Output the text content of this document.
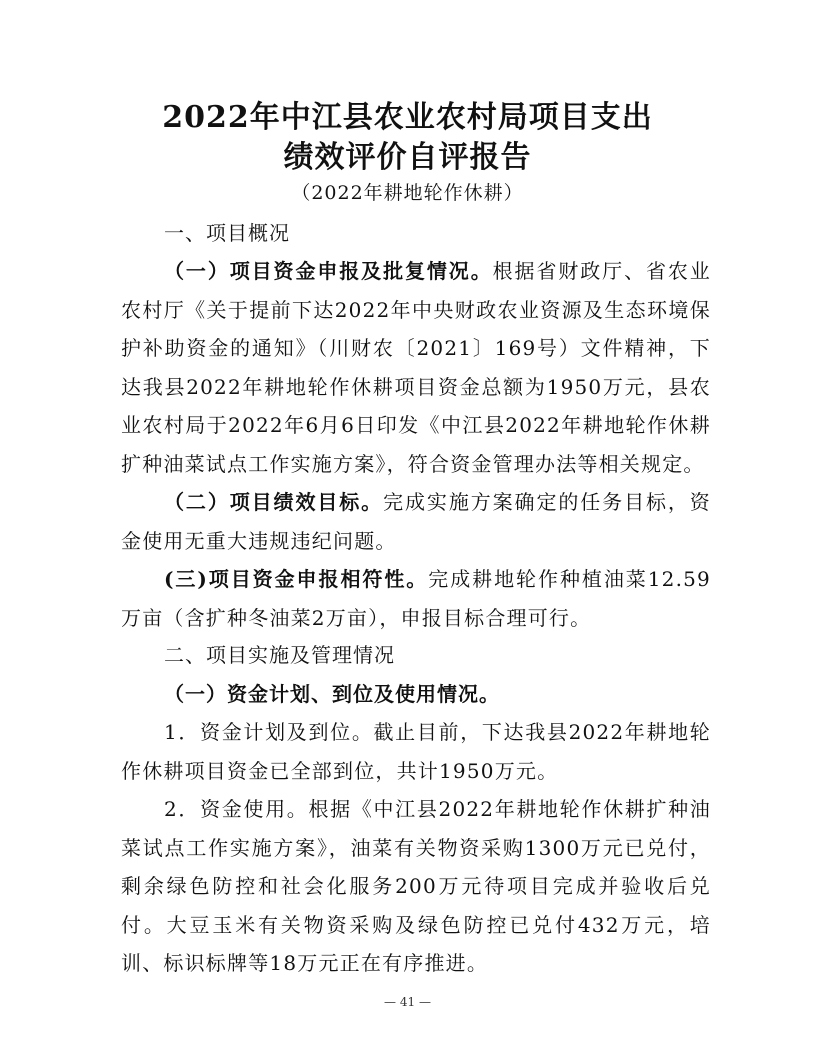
2022年中江县农业农村局项目支出
绩效评价自评报告
（2022年耕地轮作休耕）
一、项目概况
（一）项目资金申报及批复情况。根据省财政厅、省农业农村厅《关于提前下达2022年中央财政农业资源及生态环境保护补助资金的通知》（川财农〔2021〕169号）文件精神，下达我县2022年耕地轮作休耕项目资金总额为1950万元，县农业农村局于2022年6月6日印发《中江县2022年耕地轮作休耕扩种油菜试点工作实施方案》，符合资金管理办法等相关规定。
（二）项目绩效目标。完成实施方案确定的任务目标，资金使用无重大违规违纪问题。
(三)项目资金申报相符性。完成耕地轮作种植油菜12.59万亩（含扩种冬油菜2万亩），申报目标合理可行。
二、项目实施及管理情况
（一）资金计划、到位及使用情况。
1．资金计划及到位。截止目前，下达我县2022年耕地轮作休耕项目资金已全部到位，共计1950万元。
2．资金使用。根据《中江县2022年耕地轮作休耕扩种油菜试点工作实施方案》，油菜有关物资采购1300万元已兑付，剩余绿色防控和社会化服务200万元待项目完成并验收后兑付。大豆玉米有关物资采购及绿色防控已兑付432万元，培训、标识标牌等18万元正在有序推进。
— 41 —
